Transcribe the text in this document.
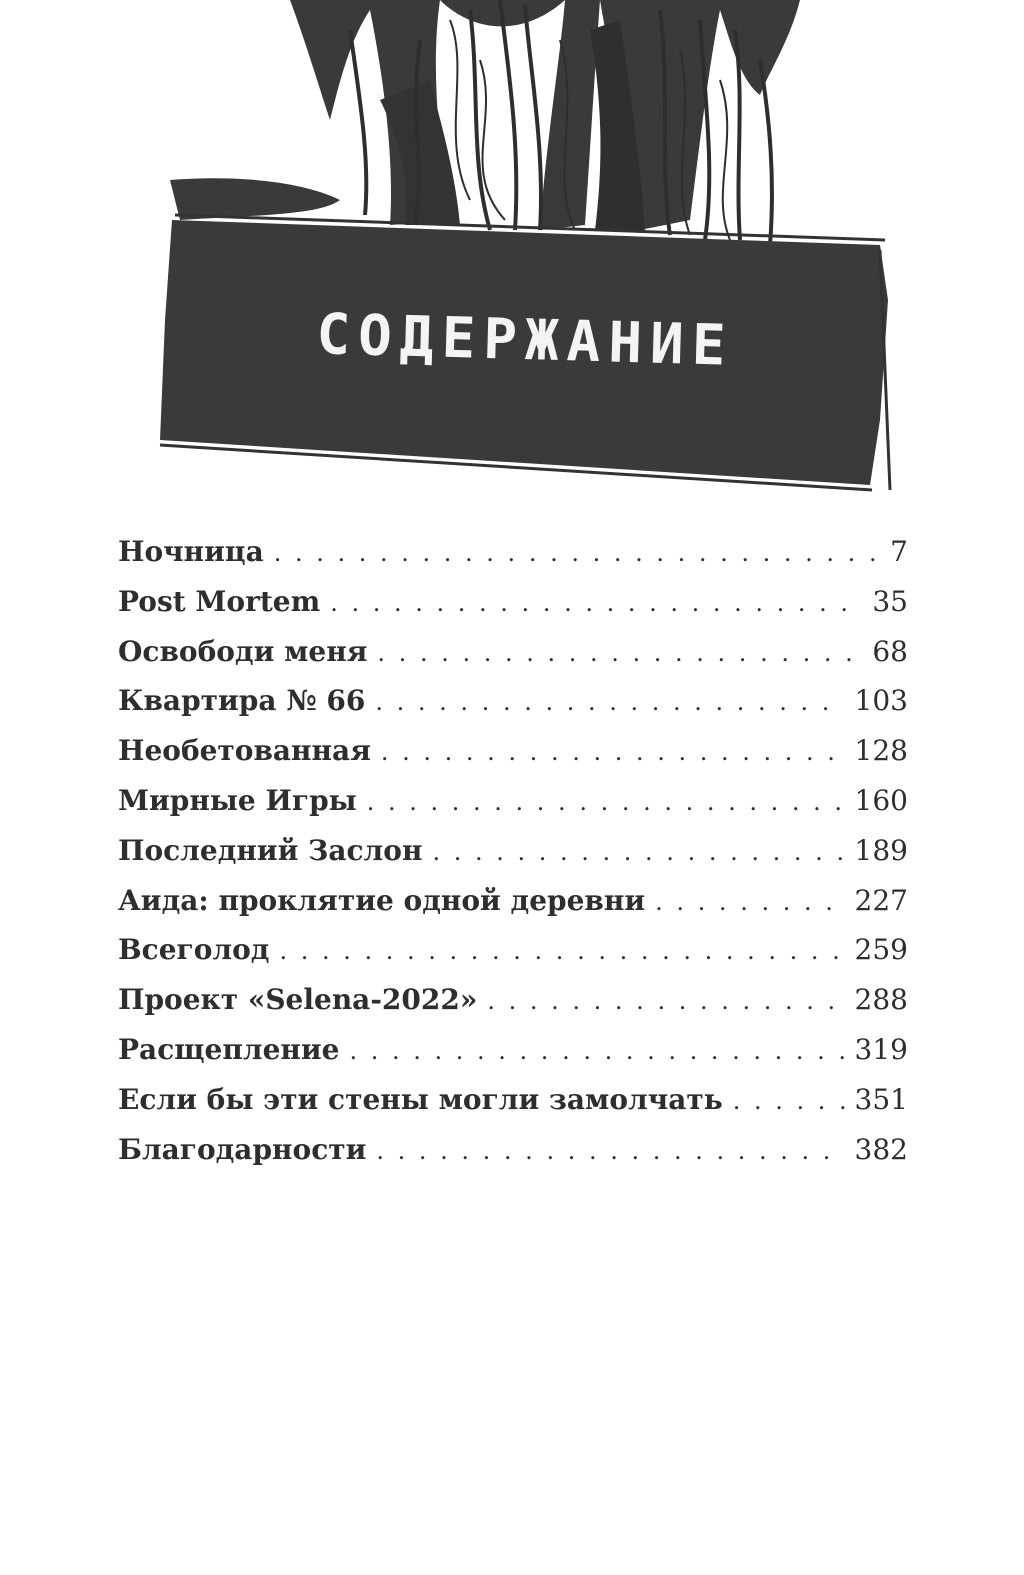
СОДЕРЖАНИЕ
Ночница . . .	7
Post Mortem . . .	35
Освободи меня . . .	68
Квартира № 66 . . .	103
Необетованная . . .	128
Мирные Игры . . .	160
Последний Заслон . . .	189
Аида: проклятие одной деревни . . .	227
Всеголод . . .	259
Проект «Selena-2022» . . .	288
Расщепление . . .	319
Если бы эти стены могли замолчать . . .	351
Благодарности . . .	382
